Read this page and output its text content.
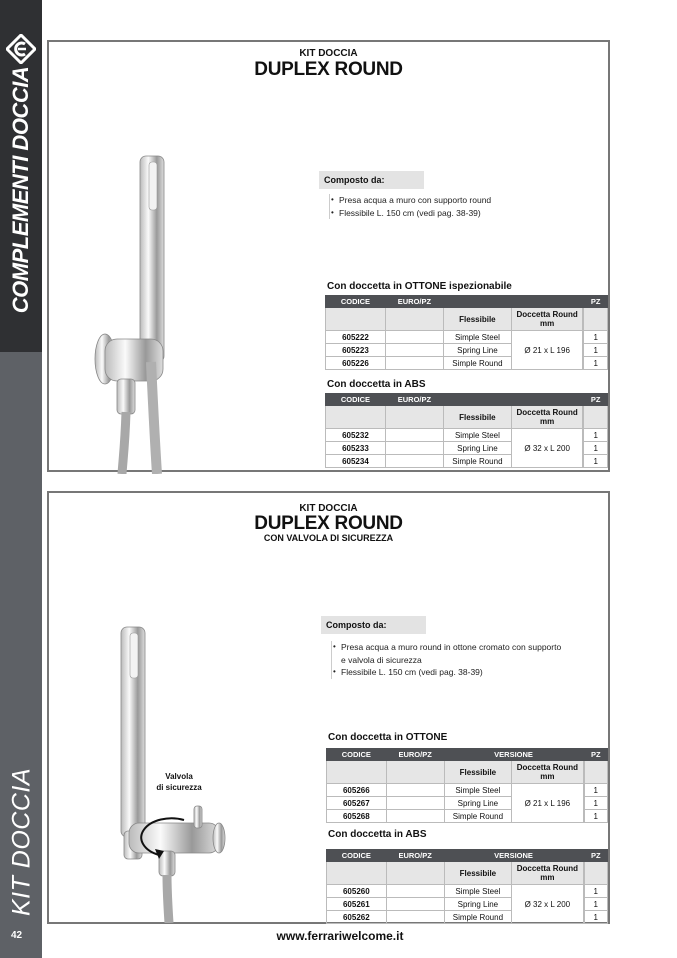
COMPLEMENTI DOCCIA
KIT DOCCIA
42
KIT DOCCIA
DUPLEX ROUND
Composto da:
• Presa acqua a muro con supporto round
• Flessibile L. 150 cm (vedi pag. 38-39)
Con doccetta in OTTONE ispezionabile
CODICE	EURO/PZ			PZ
		Flessibile	Doccetta Round mm		
605222		Simple Steel	Ø 21 x L 196		1
605223		Spring Line		1
605226		Simple Round		1
Con doccetta in ABS
CODICE	EURO/PZ			PZ
		Flessibile	Doccetta Round mm		
605232		Simple Steel	Ø 32 x L 200		1
605233		Spring Line		1
605234		Simple Round		1
KIT DOCCIA
DUPLEX ROUND
CON VALVOLA DI SICUREZZA
Valvola
di sicurezza
Composto da:
• Presa acqua a muro round in ottone cromato con supporto e valvola di sicurezza
• Flessibile L. 150 cm (vedi pag. 38-39)
Con doccetta in OTTONE
CODICE	EURO/PZ	VERSIONE		PZ
		Flessibile	Doccetta Round mm		
605266		Simple Steel	Ø 21 x L 196		1
605267		Spring Line		1
605268		Simple Round		1
Con doccetta in ABS
CODICE	EURO/PZ	VERSIONE		PZ
		Flessibile	Doccetta Round mm		
605260		Simple Steel	Ø 32 x L 200		1
605261		Spring Line		1
605262		Simple Round		1
www.ferrariwelcome.it
